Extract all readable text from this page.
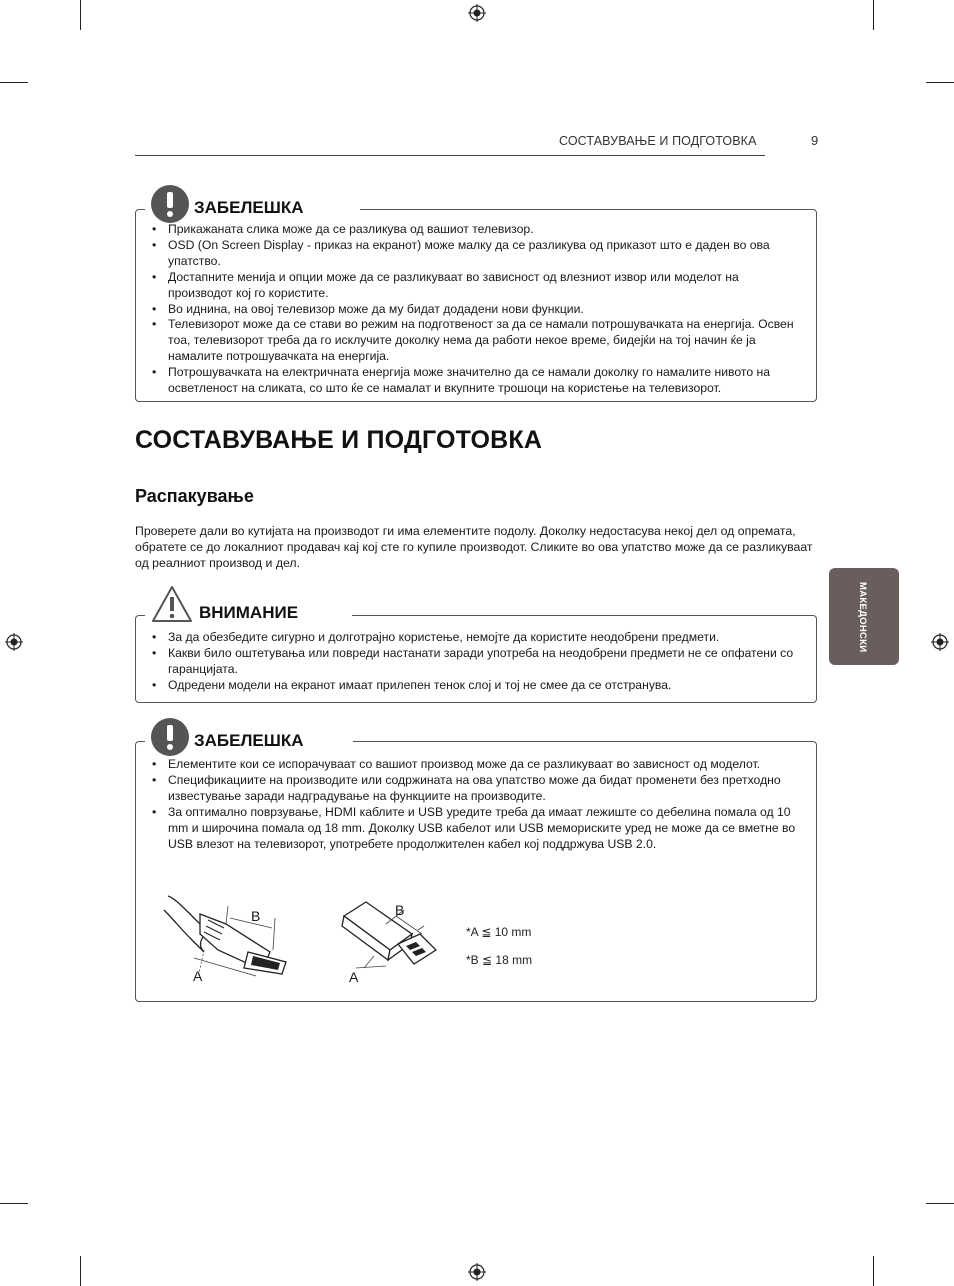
СОСТАВУВАЊЕ И ПОДГОТОВКА	9
• Прикажаната слика може да се разликува од вашиот телевизор.
• OSD (On Screen Display - приказ на екранот) може малку да се разликува од приказот што е даден во ова упатство.
• Достапните менија и опции може да се разликуваат во зависност од влезниот извор или моделот на производот кој го користите.
• Во иднина, на овој телевизор може да му бидат додадени нови функции.
• Телевизорот може да се стави во режим на подготвеност за да се намали потрошувачката на енергија. Освен тоа, телевизорот треба да го исклучите доколку нема да работи некое време, бидејќи на тој начин ќе ја намалите потрошувачката на енергија.
• Потрошувачката на електричната енергија може значително да се намали доколку го намалите нивото на осветленост на сликата, со што ќе се намалат и вкупните трошоци на користење на телевизорот.
ЗАБЕЛЕШКА
СОСТАВУВАЊЕ И ПОДГОТОВКА
Распакување
Проверете дали во кутијата на производот ги има елементите подолу. Доколку недостасува некој дел од опремата, обратете се до локалниот продавач кај кој сте го купиле производот. Сликите во ова упатство може да се разликуваат од реалниот производ и дел.
• За да обезбедите сигурно и долготрајно користење, немојте да користите неодобрени предмети.
• Какви било оштетувања или повреди настанати заради употреба на неодобрени предмети не се опфатени со гаранцијата.
• Одредени модели на екранот имаат прилепен тенок слој и тој не смее да се отстранува.
ВНИМАНИЕ
• Елементите кои се испорачуваат со вашиот производ може да се разликуваат во зависност од моделот.
• Спецификациите на производите или содржината на ова упатство може да бидат променети без претходно известување заради надградување на функциите на производите.
• За оптимално поврзување, HDMI каблите и USB уредите треба да имаат лежиште со дебелина помала од 10 mm и широчина помала од 18 mm. Доколку USB кабелот или USB мемориските уред не може да се вметне во USB влезот на телевизорот, употребете продолжителен кабел кој поддржува USB 2.0.
ЗАБЕЛЕШКА
B
A
B
A
*A ≦ 10 mm
*B ≦ 18 mm
МАКЕДОНСКИ
